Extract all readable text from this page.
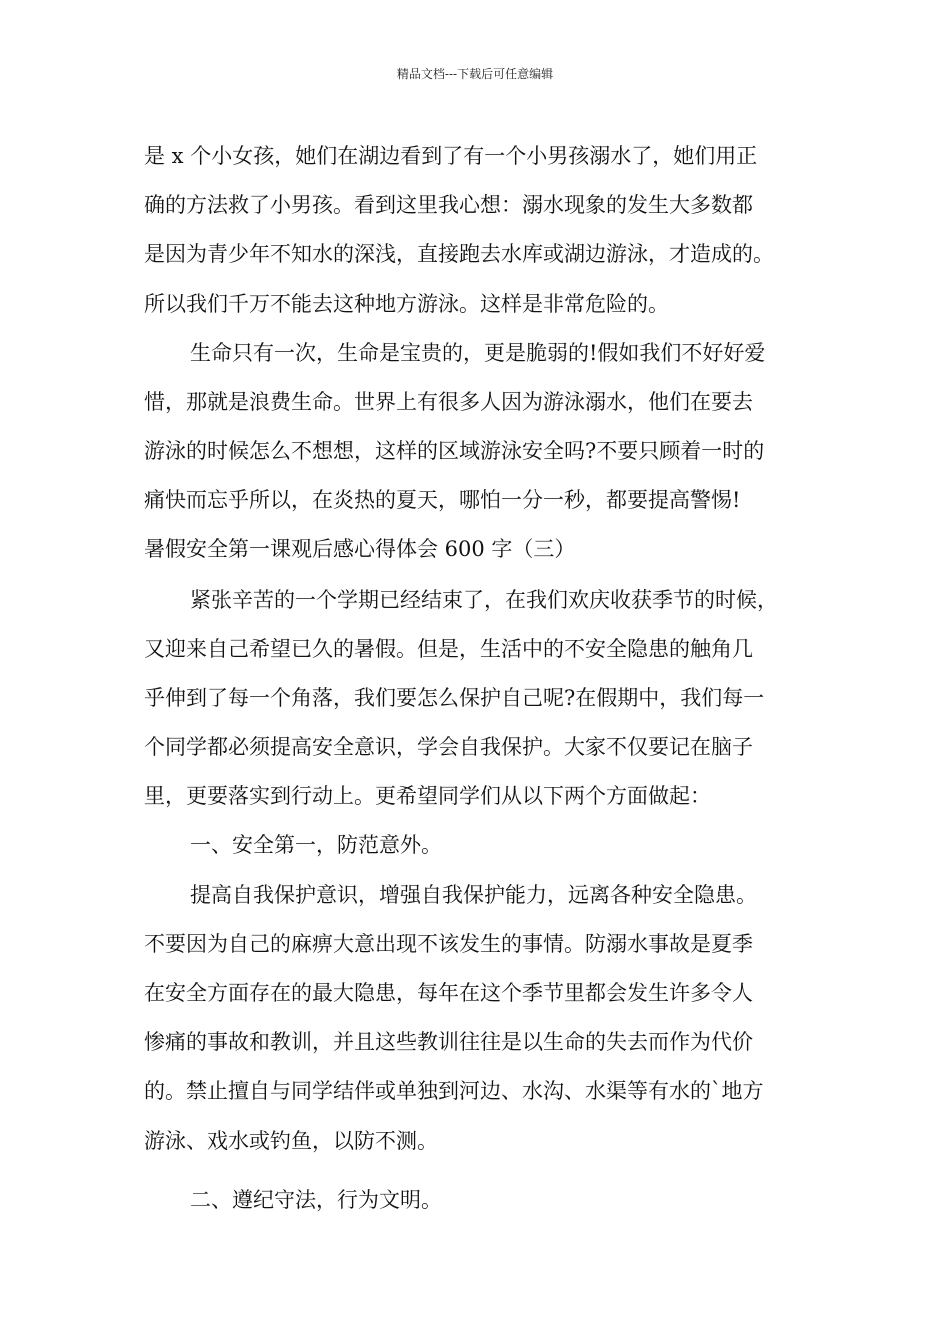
精品文档---下载后可任意编辑
是 x 个小女孩，她们在湖边看到了有一个小男孩溺水了，她们用正
确的方法救了小男孩。看到这里我心想：溺水现象的发生大多数都
是因为青少年不知水的深浅，直接跑去水库或湖边游泳，才造成的。
所以我们千万不能去这种地方游泳。这样是非常危险的。
生命只有一次，生命是宝贵的，更是脆弱的!假如我们不好好爱
惜，那就是浪费生命。世界上有很多人因为游泳溺水，他们在要去
游泳的时候怎么不想想，这样的区域游泳安全吗?不要只顾着一时的
痛快而忘乎所以，在炎热的夏天，哪怕一分一秒，都要提高警惕!
暑假安全第一课观后感心得体会 600 字（三）
紧张辛苦的一个学期已经结束了，在我们欢庆收获季节的时候，
又迎来自己希望已久的暑假。但是，生活中的不安全隐患的触角几
乎伸到了每一个角落，我们要怎么保护自己呢?在假期中，我们每一
个同学都必须提高安全意识，学会自我保护。大家不仅要记在脑子
里，更要落实到行动上。更希望同学们从以下两个方面做起：
一、安全第一，防范意外。
提高自我保护意识，增强自我保护能力，远离各种安全隐患。
不要因为自己的麻痹大意出现不该发生的事情。防溺水事故是夏季
在安全方面存在的最大隐患，每年在这个季节里都会发生许多令人
惨痛的事故和教训，并且这些教训往往是以生命的失去而作为代价
的。禁止擅自与同学结伴或单独到河边、水沟、水渠等有水的`地方
游泳、戏水或钓鱼，以防不测。
二、遵纪守法，行为文明。
